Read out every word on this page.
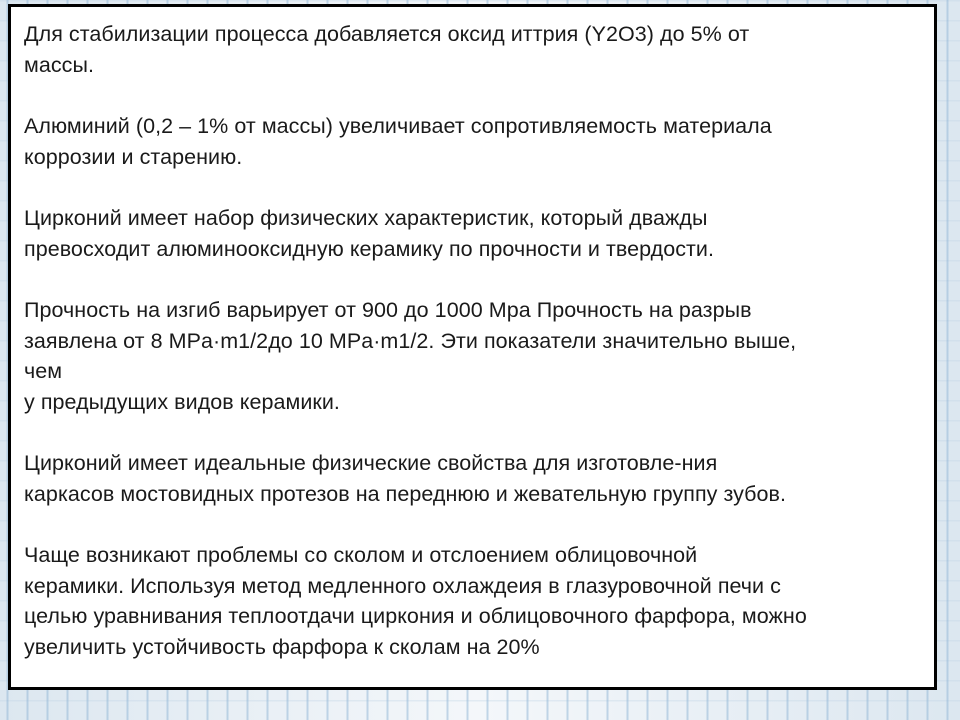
Для стабилизации процесса добавляется оксид иттрия (Y2O3) до 5% от
массы.

Алюминий (0,2 – 1% от массы) увеличивает сопротивляемость материала
коррозии и старению.

Цирконий имеет набор физических характеристик, который дважды
превосходит алюминооксидную керамику по прочности и твердости.

Прочность на изгиб варьирует от 900 до 1000 Мра Прочность на разрыв
заявлена от 8 MPa·m1/2до 10 MPa·m1/2. Эти показатели значительно выше,
чем
у предыдущих видов керамики.

Цирконий имеет идеальные физические свойства для изготовле-ния
каркасов мостовидных протезов на переднюю и жевательную группу зубов.

Чаще возникают проблемы со сколом и отслоением облицовочной
керамики. Используя метод медленного охлаждеия в глазуровочной печи с
целью уравнивания теплоотдачи циркония и облицовочного фарфора, можно
увеличить устойчивость фарфора к сколам на 20%
